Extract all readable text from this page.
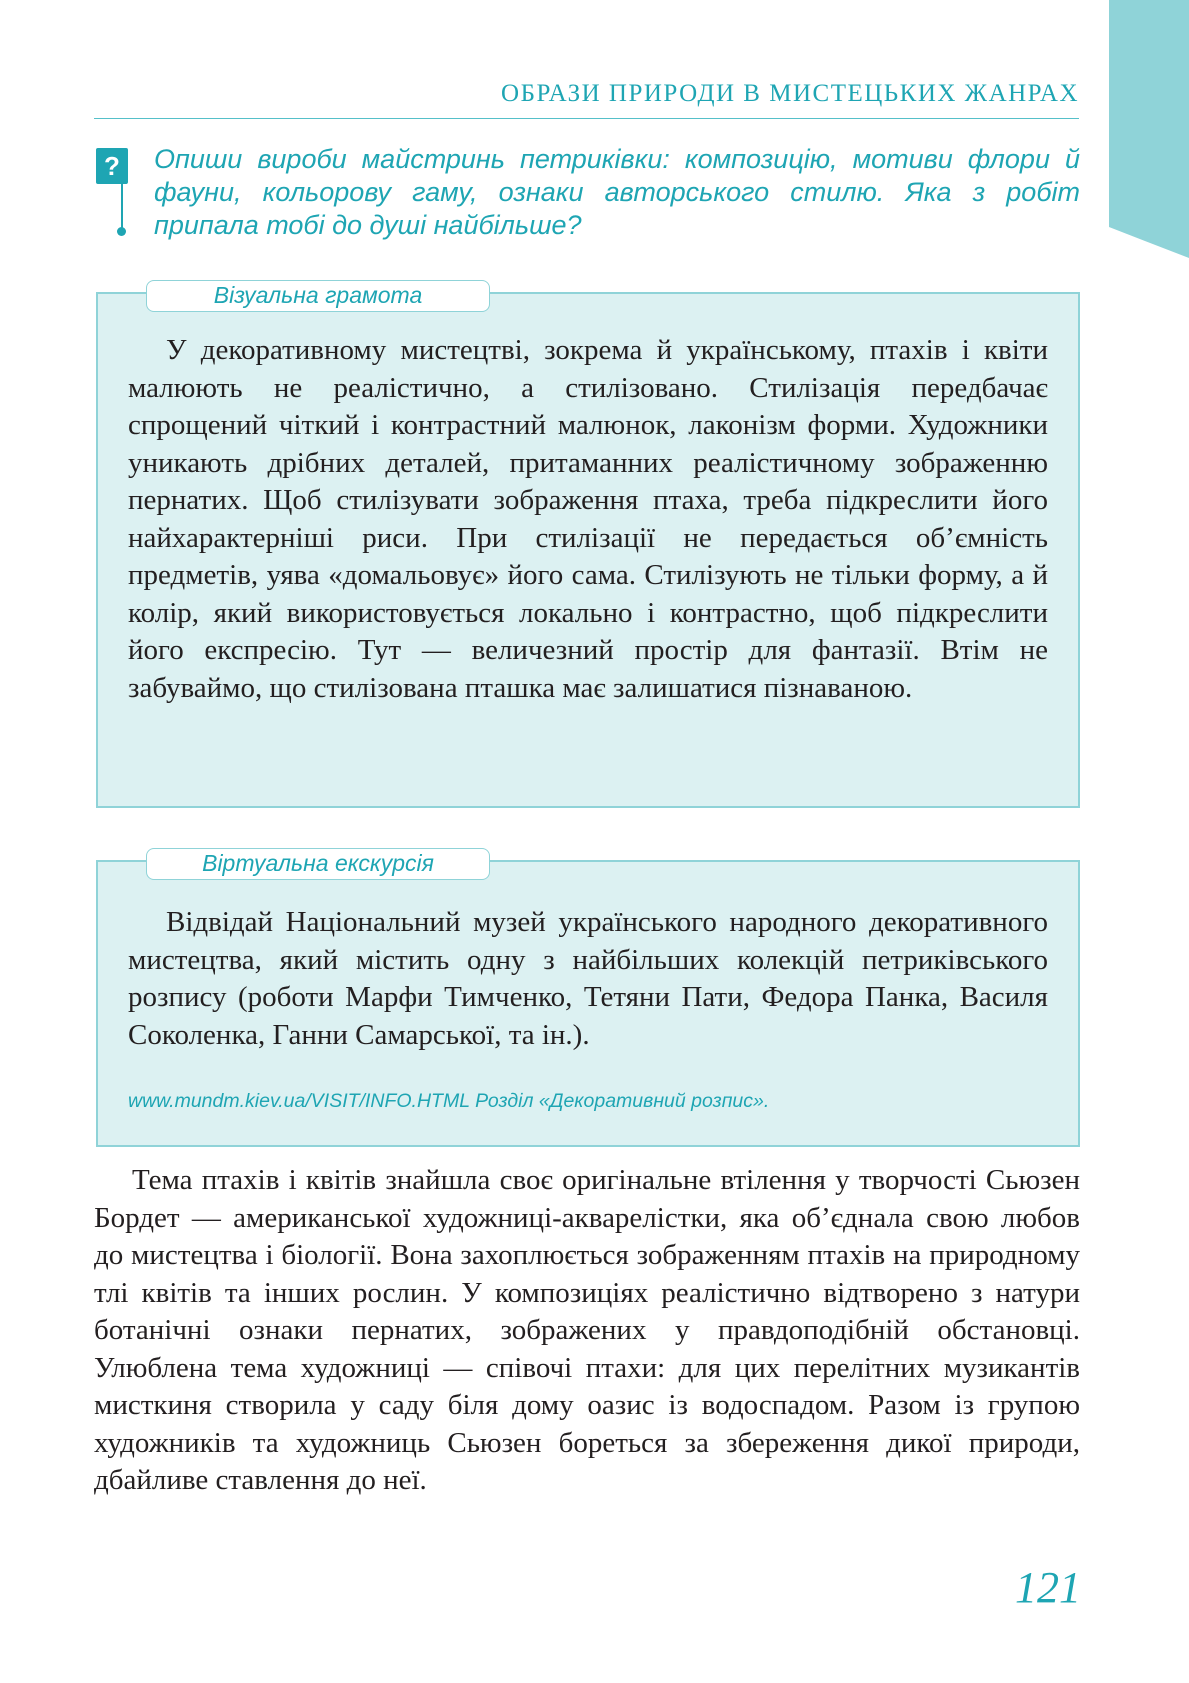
ОБРАЗИ ПРИРОДИ В МИСТЕЦЬКИХ ЖАНРАХ
? Опиши вироби майстринь петриківки: композицію, мотиви флори й фауни, кольорову гаму, ознаки авторського стилю. Яка з робіт припала тобі до душі найбільше?
Візуальна грамота
У декоративному мистецтві, зокрема й українському, птахів і квіти малюють не реалістично, а стилізовано. Стилізація передбачає спрощений чіткий і контрастний малюнок, лаконізм форми. Художники уникають дрібних деталей, притаманних реалістичному зображенню пернатих. Щоб стилізувати зображення птаха, треба підкреслити його найхарактерніші риси. При стилізації не передається об’ємність предметів, уява «домальовує» його сама. Стилізують не тільки форму, а й колір, який використовується локально і контрастно, щоб підкреслити його експресію. Тут — величезний простір для фантазії. Втім не забуваймо, що стилізована пташка має залишатися пізнаваною.
Віртуальна екскурсія
Відвідай Національний музей українського народного декоративного мистецтва, який містить одну з найбільших колекцій петриківського розпису (роботи Марфи Тимченко, Тетяни Пати, Федора Панка, Василя Соколенка, Ганни Самарської, та ін.).
www.mundm.kiev.ua/VISIT/INFO.HTML Розділ «Декоративний розпис».
Тема птахів і квітів знайшла своє оригінальне втілення у творчості Сьюзен Бордет — американської художниці-акварелістки, яка об’єднала свою любов до мистецтва і біології. Вона захоплюється зображенням птахів на природному тлі квітів та інших рослин. У композиціях реалістично відтворено з натури ботанічні ознаки пернатих, зображених у правдоподібній обстановці. Улюблена тема художниці — співочі птахи: для цих перелітних музикантів мисткиня створила у саду біля дому оазис із водоспадом. Разом із групою художників та художниць Сьюзен бореться за збереження дикої природи, дбайливе ставлення до неї.
121
